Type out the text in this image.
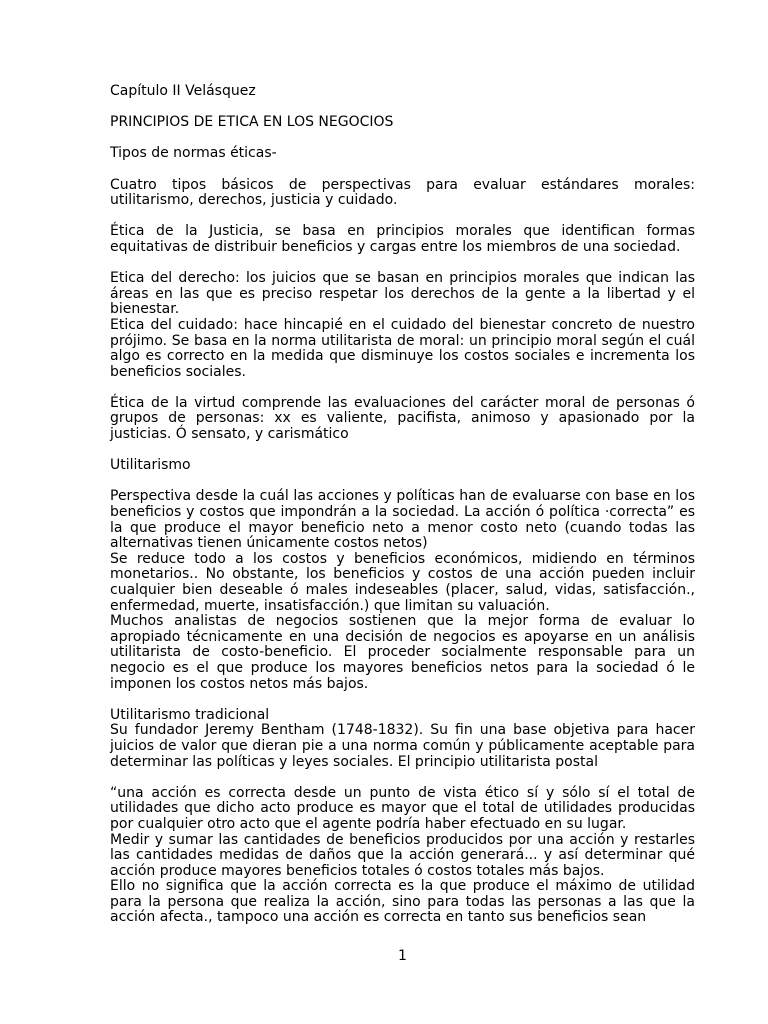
Capítulo II Velásquez

PRINCIPIOS DE ETICA EN LOS NEGOCIOS

Tipos de normas éticas-

Cuatro tipos básicos de perspectivas para evaluar estándares morales: utilitarismo, derechos, justicia y cuidado.

Ética de la Justicia, se basa en principios morales que identifican formas equitativas de distribuir beneficios y cargas entre los miembros de una sociedad.

Etica del derecho: los juicios que se basan en principios morales que indican las áreas en las que es preciso respetar los derechos de la gente a la libertad y el bienestar.

Etica del cuidado: hace hincapié en el cuidado del bienestar concreto de nuestro prójimo. Se basa en la norma utilitarista de moral: un principio moral según el cuál algo es correcto en la medida que disminuye los costos sociales e incrementa los beneficios sociales.

Ética de la virtud comprende las evaluaciones del carácter moral de personas ó grupos de personas: xx es valiente, pacifista, animoso y apasionado por la justicias. Ó sensato, y carismático

Utilitarismo

Perspectiva desde la cuál las acciones y políticas han de evaluarse con base en los beneficios y costos que impondrán a la sociedad. La acción ó política ·correcta” es la que produce el mayor beneficio neto a menor costo neto (cuando todas las alternativas tienen únicamente costos netos)

Se reduce todo a los costos y beneficios económicos, midiendo en términos monetarios.. No obstante, los beneficios y costos de una acción pueden incluir cualquier bien deseable ó males indeseables (placer, salud, vidas, satisfacción., enfermedad, muerte, insatisfacción.) que limitan su valuación.

Muchos analistas de negocios sostienen que la mejor forma de evaluar lo apropiado técnicamente en una decisión de negocios es apoyarse en un análisis utilitarista de costo-beneficio. El proceder socialmente responsable para un negocio es el que produce los mayores beneficios netos para la sociedad ó le imponen los costos netos más bajos.

Utilitarismo tradicional

Su fundador Jeremy Bentham (1748-1832). Su fin una base objetiva para hacer juicios de valor que dieran pie a una norma común y públicamente aceptable para determinar las políticas y leyes sociales. El principio utilitarista postal

“una acción es correcta desde un punto de vista ético sí y sólo sí el total de utilidades que dicho acto produce es mayor que el total de utilidades producidas por cualquier otro acto que el agente podría haber efectuado en su lugar.

Medir y sumar las cantidades de beneficios producidos por una acción y restarles las cantidades medidas de daños que la acción generará... y así determinar qué acción produce mayores beneficios totales ó costos totales más bajos.

Ello no significa que la acción correcta es la que produce el máximo de utilidad para la persona que realiza la acción, sino para todas las personas a las que la acción afecta., tampoco una acción es correcta en tanto sus beneficios sean

1
